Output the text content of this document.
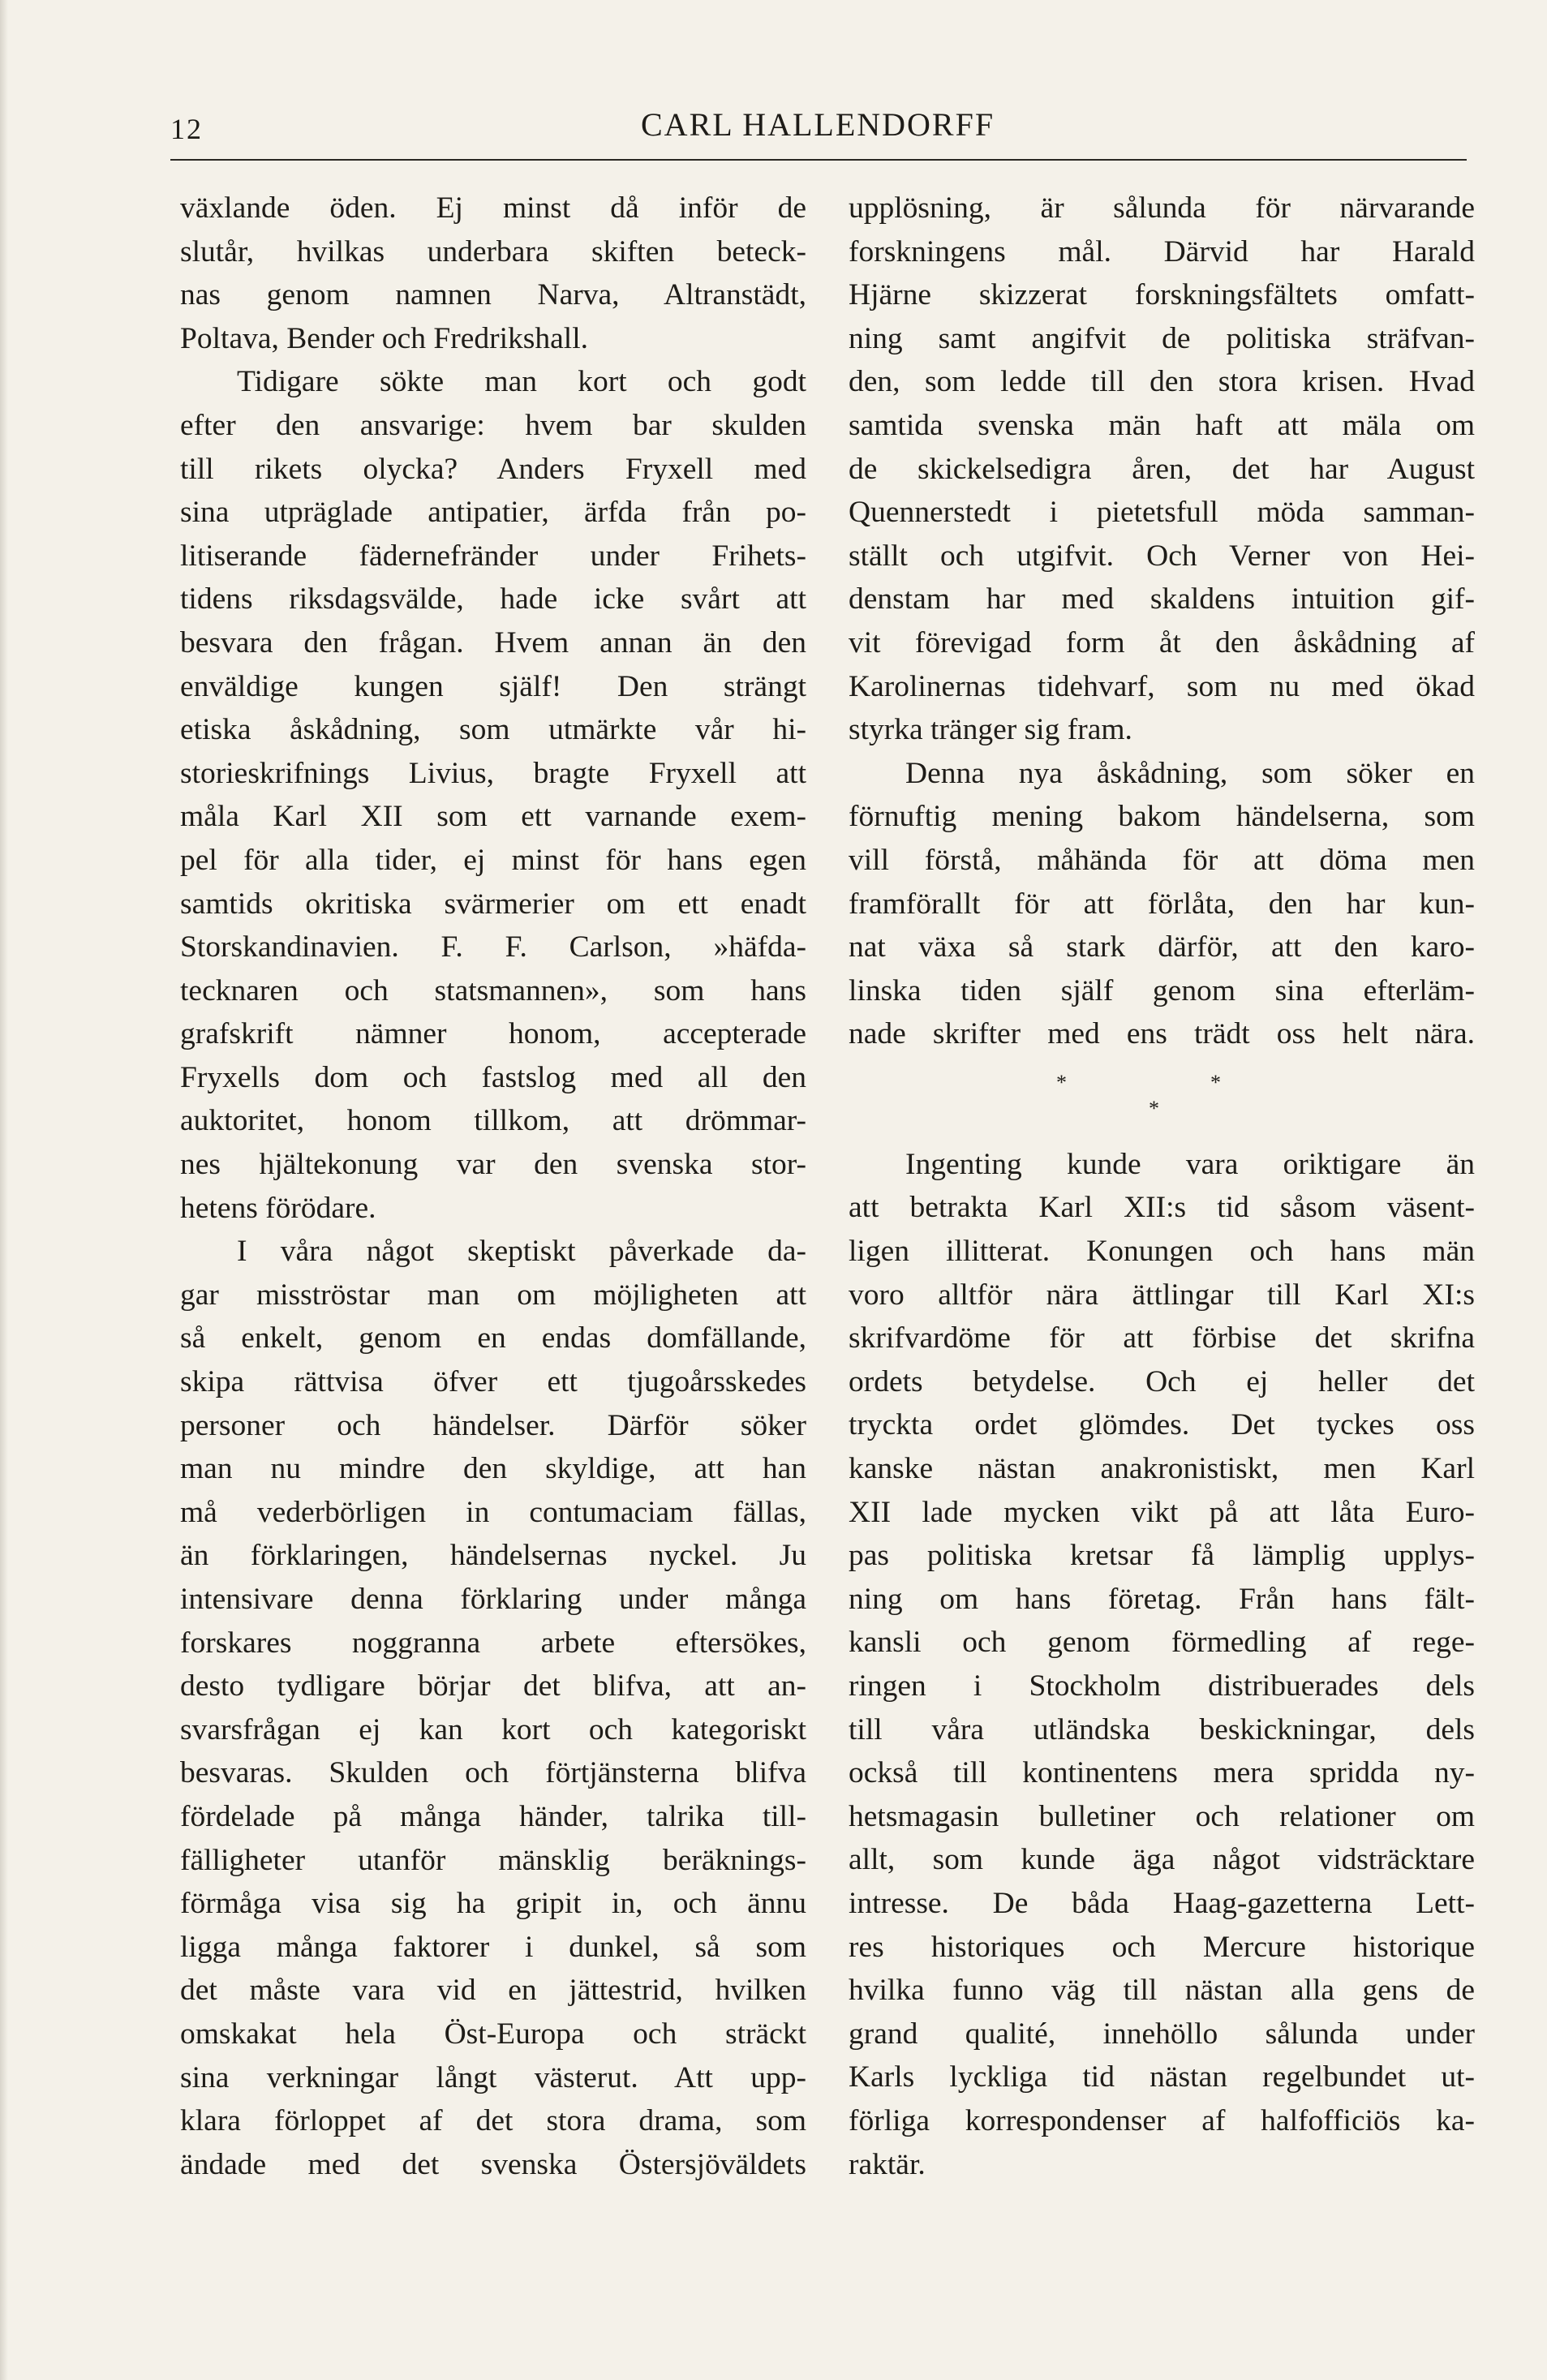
12	CARL HALLENDORFF
växlande öden. Ej minst då inför de
slutår, hvilkas underbara skiften beteck-
nas genom namnen Narva, Altranstädt,
Poltava, Bender och Fredrikshall.
Tidigare sökte man kort och godt
efter den ansvarige: hvem bar skulden
till rikets olycka? Anders Fryxell med
sina utpräglade antipatier, ärfda från po-
litiserande fädernefränder under Frihets-
tidens riksdagsvälde, hade icke svårt att
besvara den frågan. Hvem annan än den
enväldige kungen själf! Den strängt
etiska åskådning, som utmärkte vår hi-
storieskrifnings Livius, bragte Fryxell att
måla Karl XII som ett varnande exem-
pel för alla tider, ej minst för hans egen
samtids okritiska svärmerier om ett enadt
Storskandinavien. F. F. Carlson, »häfda-
tecknaren och statsmannen», som hans
grafskrift nämner honom, accepterade
Fryxells dom och fastslog med all den
auktoritet, honom tillkom, att drömmar-
nes hjältekonung var den svenska stor-
hetens förödare.
I våra något skeptiskt påverkade da-
gar misströstar man om möjligheten att
så enkelt, genom en endas domfällande,
skipa rättvisa öfver ett tjugoårsskedes
personer och händelser. Därför söker
man nu mindre den skyldige, att han
må vederbörligen in contumaciam fällas,
än förklaringen, händelsernas nyckel. Ju
intensivare denna förklaring under många
forskares noggranna arbete eftersökes,
desto tydligare börjar det blifva, att an-
svarsfrågan ej kan kort och kategoriskt
besvaras. Skulden och förtjänsterna blifva
fördelade på många händer, talrika till-
fälligheter utanför mänsklig beräknings-
förmåga visa sig ha gripit in, och ännu
ligga många faktorer i dunkel, så som
det måste vara vid en jättestrid, hvilken
omskakat hela Öst-Europa och sträckt
sina verkningar långt västerut. Att upp-
klara förloppet af det stora drama, som
ändade med det svenska Östersjöväldets
upplösning, är sålunda för närvarande
forskningens mål. Därvid har Harald
Hjärne skizzerat forskningsfältets omfatt-
ning samt angifvit de politiska sträfvan-
den, som ledde till den stora krisen. Hvad
samtida svenska män haft att mäla om
de skickelsedigra åren, det har August
Quennerstedt i pietetsfull möda samman-
ställt och utgifvit. Och Verner von Hei-
denstam har med skaldens intuition gif-
vit förevigad form åt den åskådning af
Karolinernas tidehvarf, som nu med ökad
styrka tränger sig fram.
Denna nya åskådning, som söker en
förnuftig mening bakom händelserna, som
vill förstå, måhända för att döma men
framförallt för att förlåta, den har kun-
nat växa så stark därför, att den karo-
linska tiden själf genom sina efterläm-
nade skrifter med ens trädt oss helt nära.
*	*
*
Ingenting kunde vara oriktigare än
att betrakta Karl XII:s tid såsom väsent-
ligen illitterat. Konungen och hans män
voro alltför nära ättlingar till Karl XI:s
skrifvardöme för att förbise det skrifna
ordets betydelse. Och ej heller det
tryckta ordet glömdes. Det tyckes oss
kanske nästan anakronistiskt, men Karl
XII lade mycken vikt på att låta Euro-
pas politiska kretsar få lämplig upplys-
ning om hans företag. Från hans fält-
kansli och genom förmedling af rege-
ringen i Stockholm distribuerades dels
till våra utländska beskickningar, dels
också till kontinentens mera spridda ny-
hetsmagasin bulletiner och relationer om
allt, som kunde äga något vidsträcktare
intresse. De båda Haag-gazetterna Lett-
res historiques och Mercure historique
hvilka funno väg till nästan alla gens de
grand qualité, innehöllo sålunda under
Karls lyckliga tid nästan regelbundet ut-
förliga korrespondenser af halfofficiös ka-
raktär.
